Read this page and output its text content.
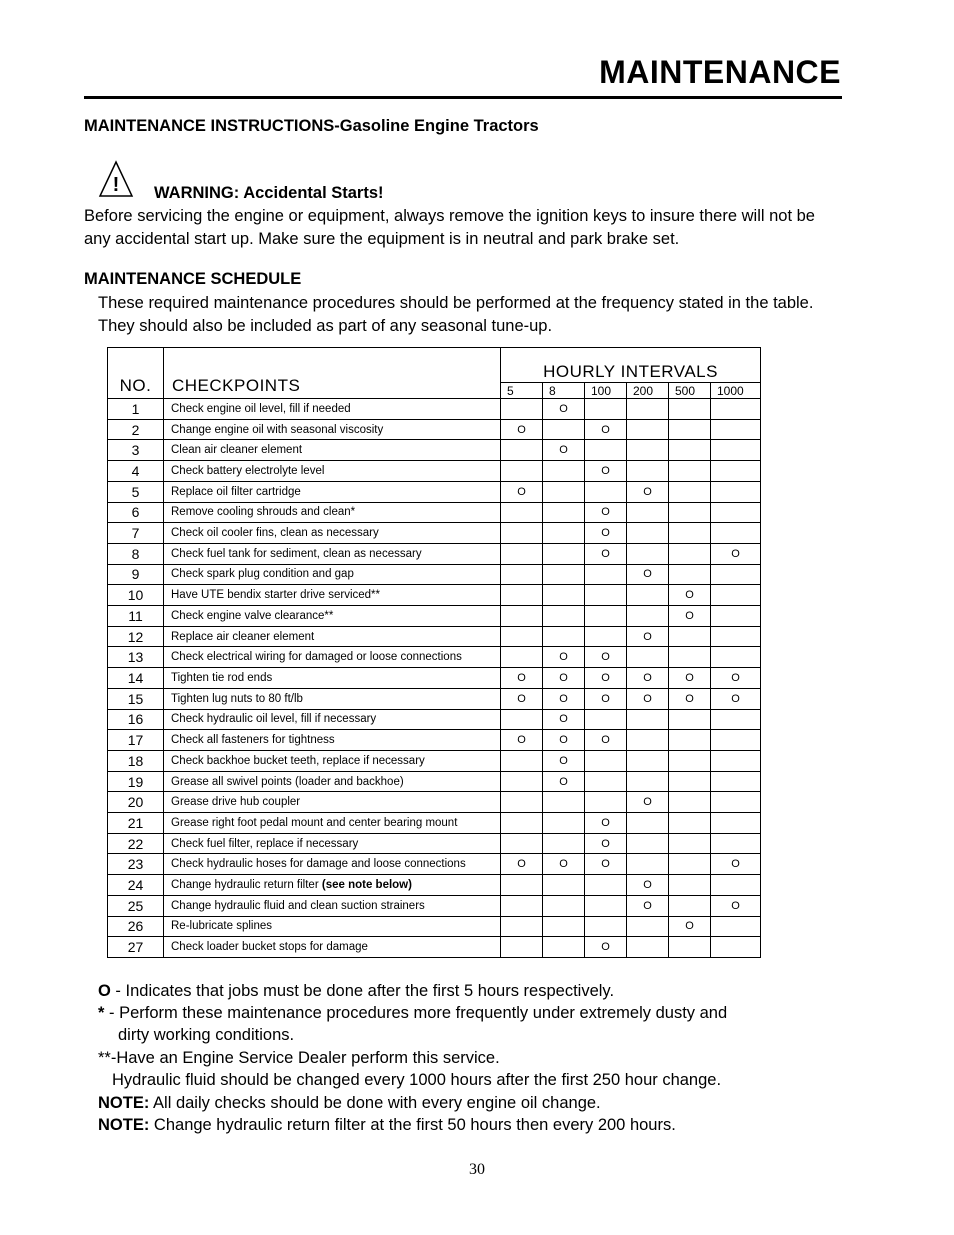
MAINTENANCE
MAINTENANCE INSTRUCTIONS-Gasoline Engine Tractors
! WARNING: Accidental Starts!
Before servicing the engine or equipment, always remove the ignition keys to insure there will not be any accidental start up. Make sure the equipment is in neutral and park brake set.
MAINTENANCE SCHEDULE
These required maintenance procedures should be performed at the frequency stated in the table. They should also be included as part of any seasonal tune-up.
NO.	CHECKPOINTS	HOURLY INTERVALS					
		5	8	100	200	500	1000
1	Check engine oil level, fill if needed		O				
2	Change engine oil with seasonal viscosity	O		O			
3	Clean air cleaner element		O				
4	Check battery electrolyte level			O			
5	Replace oil filter cartridge	O			O		
6	Remove cooling shrouds and clean*			O			
7	Check oil cooler fins, clean as necessary			O			
8	Check fuel tank for sediment, clean as necessary			O			O
9	Check spark plug condition and gap				O		
10	Have UTE bendix starter drive serviced**					O	
11	Check engine valve clearance**					O	
12	Replace air cleaner element				O		
13	Check electrical wiring for damaged or loose connections		O	O			
14	Tighten tie rod ends	O	O	O	O	O	O
15	Tighten lug nuts to 80 ft/lb	O	O	O	O	O	O
16	Check hydraulic oil level, fill if necessary		O				
17	Check all fasteners for tightness	O	O	O			
18	Check backhoe bucket teeth, replace if necessary		O				
19	Grease all swivel points (loader and backhoe)		O				
20	Grease drive hub coupler				O		
21	Grease right foot pedal mount and center bearing mount			O			
22	Check fuel filter, replace if necessary			O			
23	Check hydraulic hoses for damage and loose connections	O	O	O			O
24	Change hydraulic return filter (see note below)				O		
25	Change hydraulic fluid and clean suction strainers				O		O
26	Re-lubricate splines					O	
27	Check loader bucket stops for damage			O			
O - Indicates that jobs must be done after the first 5 hours respectively.
* - Perform these maintenance procedures more frequently under extremely dusty and
dirty working conditions.
**-Have an Engine Service Dealer perform this service.
Hydraulic fluid should be changed every 1000 hours after the first 250 hour change.
NOTE: All daily checks should be done with every engine oil change.
NOTE: Change hydraulic return filter at the first 50 hours then every 200 hours.
30
